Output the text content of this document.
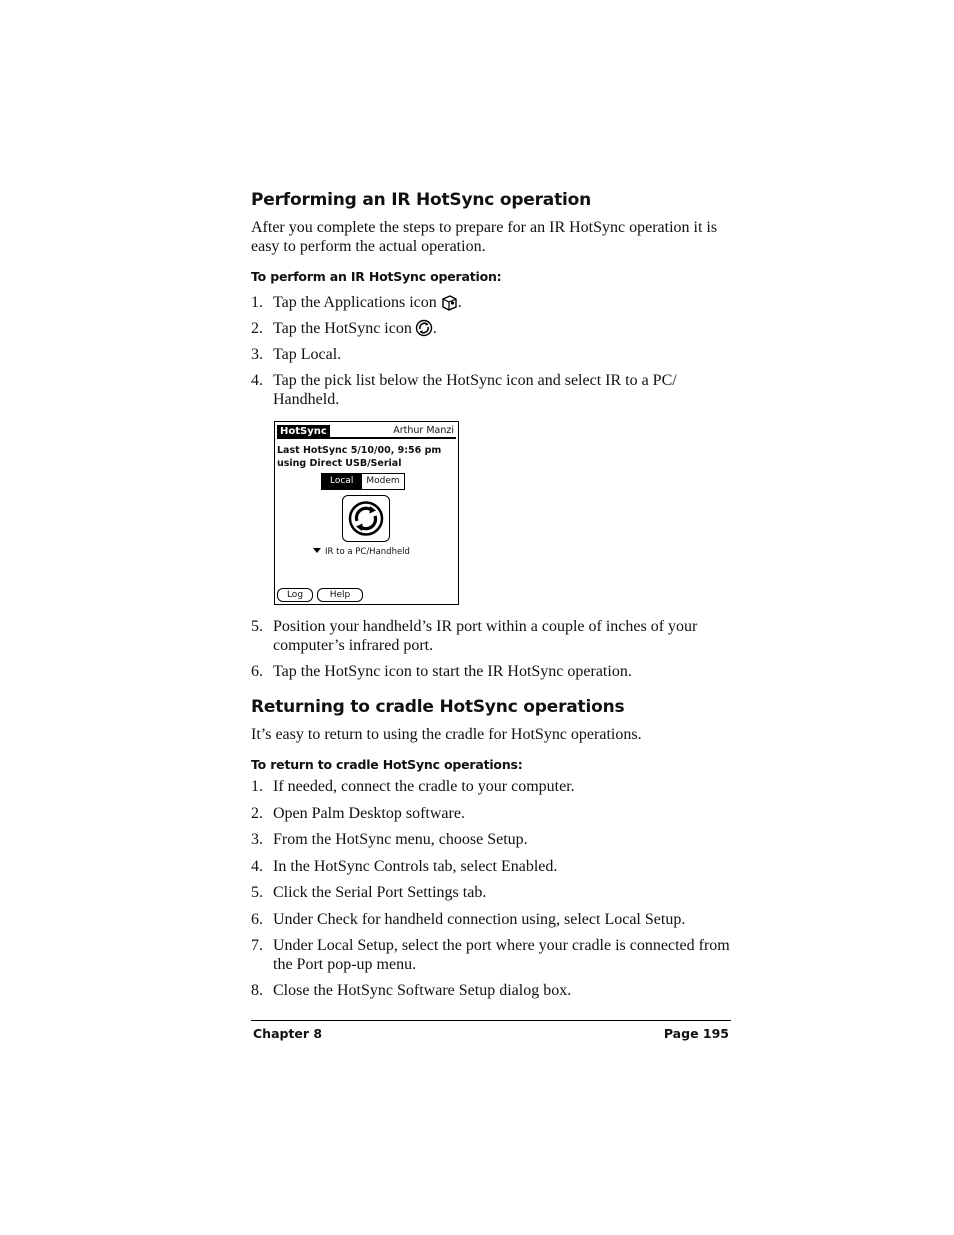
Performing an IR HotSync operation

After you complete the steps to prepare for an IR HotSync operation it is easy to perform the actual operation.

To perform an IR HotSync operation:
1. Tap the Applications icon .
2. Tap the HotSync icon .
3. Tap Local.
4. Tap the pick list below the HotSync icon and select IR to a PC/ Handheld.
HotSync	Arthur Manzi
Last HotSync 5/10/00, 9:56 pm
using Direct USB/Serial
Local	Modem
IR to a PC/Handheld
Log	Help
5. Position your handheld’s IR port within a couple of inches of your computer’s infrared port.
6. Tap the HotSync icon to start the IR HotSync operation.
Returning to cradle HotSync operations

It’s easy to return to using the cradle for HotSync operations.

To return to cradle HotSync operations:
1. If needed, connect the cradle to your computer.
2. Open Palm Desktop software.
3. From the HotSync menu, choose Setup.
4. In the HotSync Controls tab, select Enabled.
5. Click the Serial Port Settings tab.
6. Under Check for handheld connection using, select Local Setup.
7. Under Local Setup, select the port where your cradle is connected from the Port pop-up menu.
8. Close the HotSync Software Setup dialog box.
Chapter 8	Page 195
